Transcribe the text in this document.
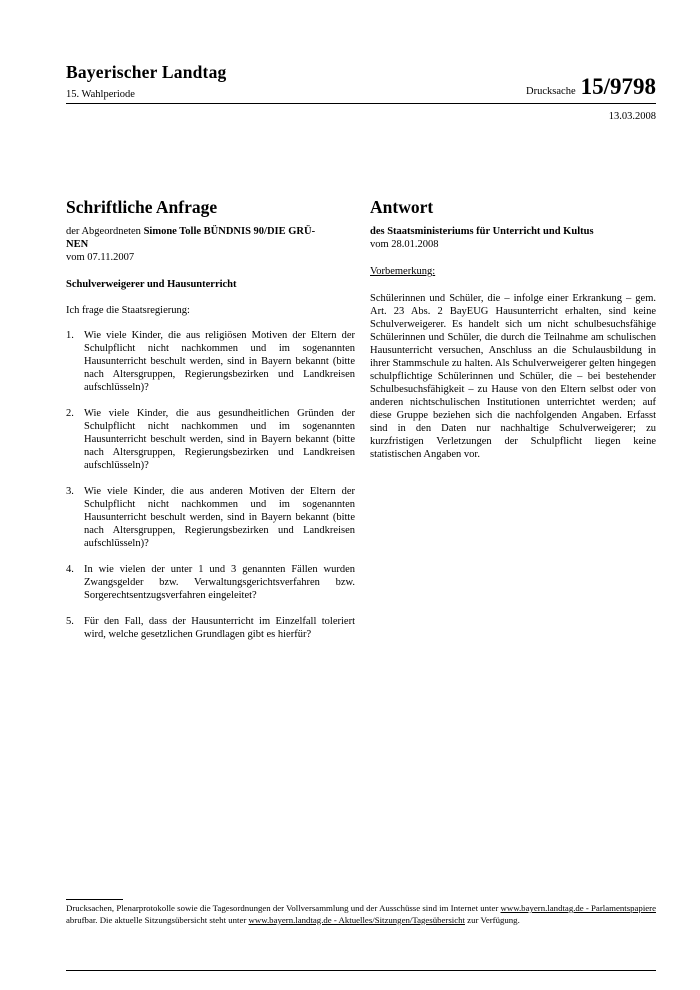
Bayerischer Landtag
15. Wahlperiode	Drucksache 15/9798
13.03.2008
Schriftliche Anfrage

der Abgeordneten Simone Tolle BÜNDNIS 90/DIE GRÜ-
NEN

vom 07.11.2007

Schulverweigerer und Hausunterricht

Ich frage die Staatsregierung:

1. Wie viele Kinder, die aus religiösen Motiven der Eltern der Schulpflicht nicht nachkommen und im sogenannten Hausunterricht beschult werden, sind in Bayern bekannt (bitte nach Altersgruppen, Regierungsbezirken und Landkreisen aufschlüsseln)?
2. Wie viele Kinder, die aus gesundheitlichen Gründen der Schulpflicht nicht nachkommen und im sogenannten Hausunterricht beschult werden, sind in Bayern bekannt (bitte nach Altersgruppen, Regierungsbezirken und Landkreisen aufschlüsseln)?
3. Wie viele Kinder, die aus anderen Motiven der Eltern der Schulpflicht nicht nachkommen und im sogenannten Hausunterricht beschult werden, sind in Bayern bekannt (bitte nach Altersgruppen, Regierungsbezirken und Landkreisen aufschlüsseln)?
4. In wie vielen der unter 1 und 3 genannten Fällen wurden Zwangsgelder bzw. Verwaltungsgerichtsverfahren bzw. Sorgerechtsentzugsverfahren eingeleitet?
5. Für den Fall, dass der Hausunterricht im Einzelfall toleriert wird, welche gesetzlichen Grundlagen gibt es hierfür?
Antwort

des Staatsministeriums für Unterricht und Kultus

vom 28.01.2008

Vorbemerkung:

Schülerinnen und Schüler, die – infolge einer Erkrankung – gem. Art. 23 Abs. 2 BayEUG Hausunterricht erhalten, sind keine Schulverweigerer. Es handelt sich um nicht schulbesuchsfähige Schülerinnen und Schüler, die durch die Teilnahme am schulischen Hausunterricht versuchen, Anschluss an die Schulausbildung in ihrer Stammschule zu halten. Als Schulverweigerer gelten hingegen schulpflichtige Schülerinnen und Schüler, die – bei bestehender Schulbesuchsfähigkeit – zu Hause von den Eltern selbst oder von anderen nichtschulischen Institutionen unterrichtet werden; auf diese Gruppe beziehen sich die nachfolgenden Angaben. Erfasst sind in den Daten nur nachhaltige Schulverweigerer; zu kurzfristigen Verletzungen der Schulpflicht liegen keine statistischen Angaben vor.

Drucksachen, Plenarprotokolle sowie die Tagesordnungen der Vollversammlung und der Ausschüsse sind im Internet unter www.bayern.landtag.de - Parlamentspapiere abrufbar. Die aktuelle Sitzungsübersicht steht unter www.bayern.landtag.de - Aktuelles/Sitzungen/Tagesübersicht zur Verfügung.
